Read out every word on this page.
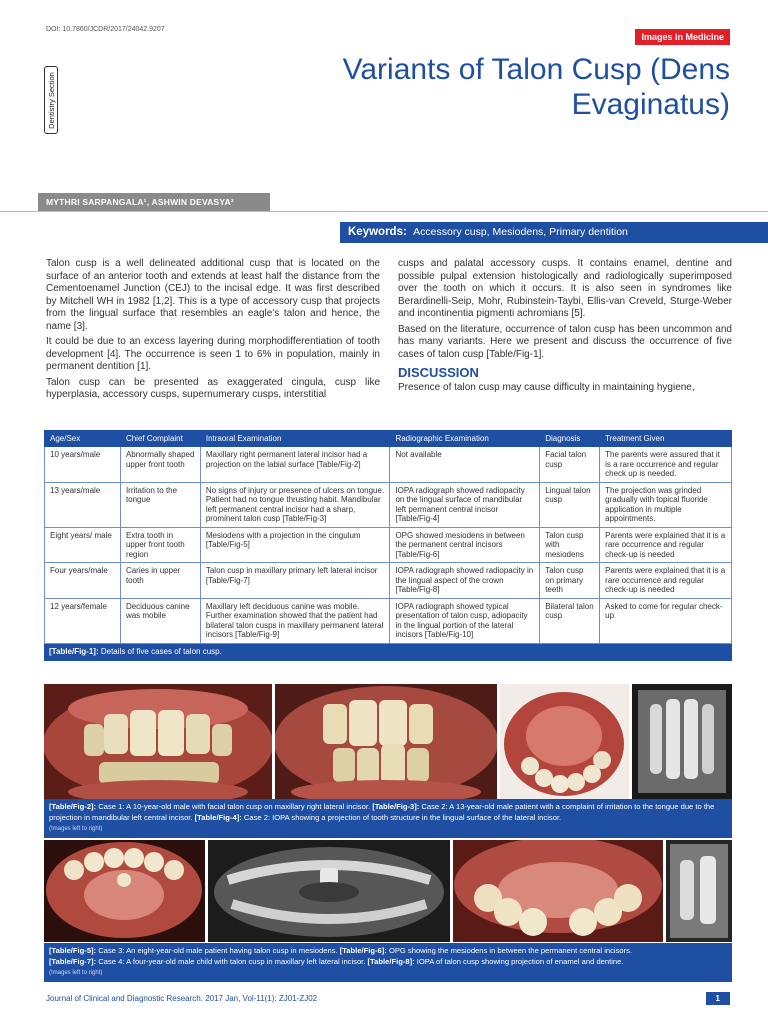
DOI: 10.7860/JCDR/2017/24042.9207
Images in Medicine
Dentistry Section
Variants of Talon Cusp (Dens
Evaginatus)
MYTHRI SARPANGALA¹, ASHWIN DEVASYA²
Keywords: Accessory cusp, Mesiodens, Primary dentition

Talon cusp is a well delineated additional cusp that is located on the surface of an anterior tooth and extends at least half the distance from the Cementoenamel Junction (CEJ) to the incisal edge. It was first described by Mitchell WH in 1982 [1,2]. This is a type of accessory cusp that projects from the lingual surface that resembles an eagle's talon and hence, the name [3].

It could be due to an excess layering during morphodifferentiation of tooth development [4]. The occurrence is seen 1 to 6% in population, mainly in permanent dentition [1].

Talon cusp can be presented as exaggerated cingula, cusp like hyperplasia, accessory cusps, supernumerary cusps, interstitial

cusps and palatal accessory cusps. It contains enamel, dentine and possible pulpal extension histologically and radiologically superimposed over the tooth on which it occurs. It is also seen in syndromes like Berardinelli-Seip, Mohr, Rubinstein-Taybi, Ellis-van Creveld, Sturge-Weber and incontinentia pigmenti achromians [5].

Based on the literature, occurrence of talon cusp has been uncommon and has many variants. Here we present and discuss the occurrence of five cases of talon cusp [Table/Fig-1].

DISCUSSION

Presence of talon cusp may cause difficulty in maintaining hygiene,

Age/Sex	Chief Complaint	Intraoral Examination	Radiographic Examination	Diagnosis	Treatment Given
10 years/male	Abnormally shaped upper front tooth	Maxillary right permanent lateral incisor had a projection on the labial surface [Table/Fig-2]	Not available	Facial talon cusp	The parents were assured that it is a rare occurrence and regular check up is needed.
13 years/male	Irritation to the tongue	No signs of injury or presence of ulcers on tongue. Patient had no tongue thrusting habit. Mandibular left permanent central incisor had a sharp, prominent talon cusp [Table/Fig-3]	IOPA radiograph showed radiopacity on the lingual surface of mandibular left permanent central incisor [Table/Fig-4]	Lingual talon cusp	The projection was grinded gradually with topical fluoride application in multiple appointments.
Eight years/ male	Extra tooth in upper front tooth region	Mesiodens with a projection in the cingulum [Table/Fig-5]	OPG showed mesiodens in between the permanent central incisors [Table/Fig-6]	Talon cusp with mesiodens	Parents were explained that it is a rare occurrence and regular check-up is needed
Four years/male	Caries in upper tooth	Talon cusp in maxillary primary left lateral incisor [Table/Fig-7]	IOPA radiograph showed radiopacity in the lingual aspect of the crown [Table/Fig-8]	Talon cusp on primary teeth	Parents were explained that it is a rare occurrence and regular check-up is needed
12 years/female	Deciduous canine was mobile	Maxillary left deciduous canine was mobile. Further examination showed that the patient had bilateral talon cusps in maxillary permanent lateral incisors [Table/Fig-9]	IOPA radiograph showed typical presentation of talon cusp, adiopacity in the lingual portion of the lateral incisors [Table/Fig-10]	Bilateral talon cusp	Asked to come for regular check-up
[Table/Fig-1]: Details of five cases of talon cusp.
[Table/Fig-2]: Case 1: A 10-year-old male with facial talon cusp on maxillary right lateral incisor. [Table/Fig-3]: Case 2: A 13-year-old male patient with a complaint of irritation to the tongue due to the projection in mandibular left central incisor. [Table/Fig-4]: Case 2: IOPA showing a projection of tooth structure in the lingual surface of the lateral incisor.
(Images left to right)
[Table/Fig-5]: Case 3: An eight-year-old male patient having talon cusp in mesiodens. [Table/Fig-6]: OPG showing the mesiodens in between the permanent central incisors.
[Table/Fig-7]: Case 4: A four-year-old male child with talon cusp in maxillary left lateral incisor. [Table/Fig-8]: IOPA of talon cusp showing projection of enamel and dentine.
(Images left to right)
Journal of Clinical and Diagnostic Research. 2017 Jan, Vol-11(1): ZJ01-ZJ02	1
